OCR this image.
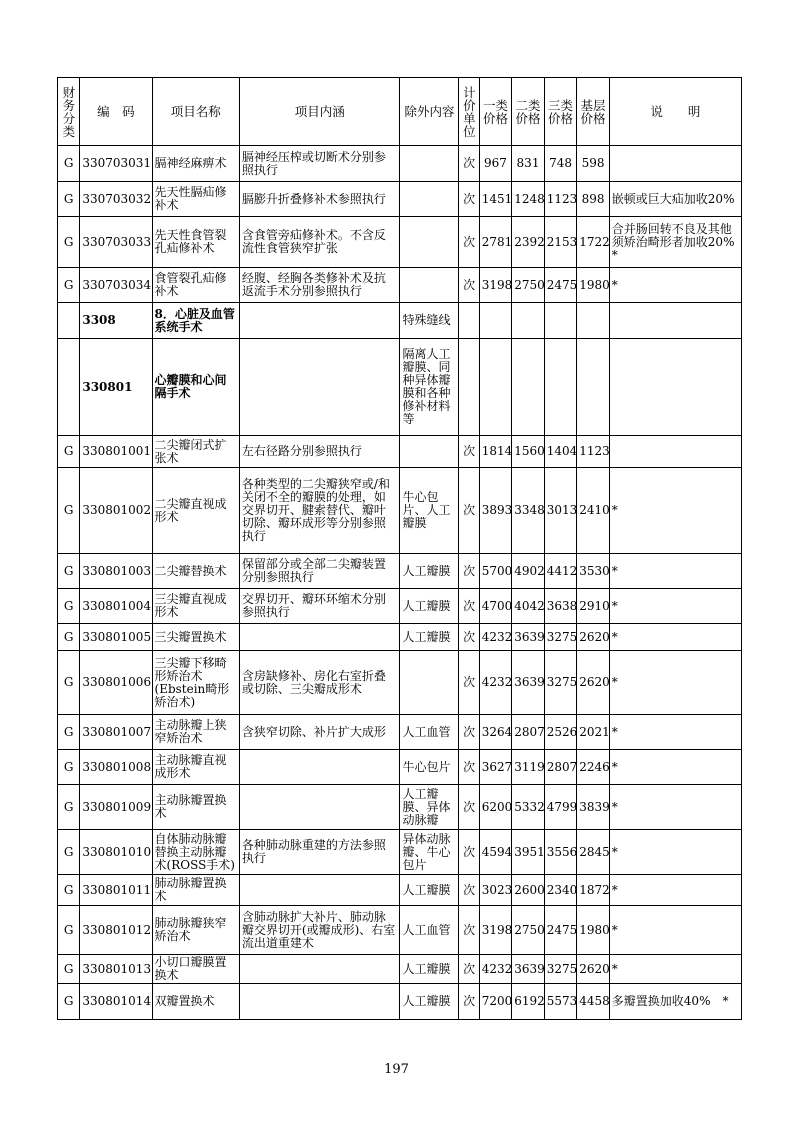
财务分类	编　码	项目名称	项目内涵	除外内容	计价单位	一类价格	二类价格	三类价格	基层价格	说　　明
G	330703031	膈神经麻痹术	膈神经压榨或切断术分别参照执行		次	967	831	748	598	
G	330703032	先天性膈疝修补术	膈膨升折叠修补术参照执行		次	1451	1248	1123	898	嵌顿或巨大疝加收20%
G	330703033	先天性食管裂孔疝修补术	含食管旁疝修补术。不含反流性食管狭窄扩张		次	2781	2392	2153	1722	合并肠回转不良及其他须矫治畸形者加收20%　　　*
G	330703034	食管裂孔疝修补术	经腹、经胸各类修补术及抗返流手术分别参照执行		次	3198	2750	2475	1980	*
	3308	8．心脏及血管系统手术		特殊缝线						
	330801	心瓣膜和心间隔手术		隔离人工瓣膜、同种异体瓣膜和各种修补材料等						
G	330801001	二尖瓣闭式扩张术	左右径路分别参照执行		次	1814	1560	1404	1123	
G	330801002	二尖瓣直视成形术	各种类型的二尖瓣狭窄或/和关闭不全的瓣膜的处理，如交界切开、腱索替代、瓣叶切除、瓣环成形等分别参照执行	牛心包片、人工瓣膜	次	3893	3348	3013	2410	*
G	330801003	二尖瓣替换术	保留部分或全部二尖瓣装置分别参照执行	人工瓣膜	次	5700	4902	4412	3530	*
G	330801004	三尖瓣直视成形术	交界切开、瓣环环缩术分别参照执行	人工瓣膜	次	4700	4042	3638	2910	*
G	330801005	三尖瓣置换术		人工瓣膜	次	4232	3639	3275	2620	*
G	330801006	三尖瓣下移畸形矫治术(Ebstein畸形矫治术)	含房缺修补、房化右室折叠或切除、三尖瓣成形术		次	4232	3639	3275	2620	*
G	330801007	主动脉瓣上狭窄矫治术	含狭窄切除、补片扩大成形	人工血管	次	3264	2807	2526	2021	*
G	330801008	主动脉瓣直视成形术		牛心包片	次	3627	3119	2807	2246	*
G	330801009	主动脉瓣置换术		人工瓣膜、异体动脉瓣	次	6200	5332	4799	3839	*
G	330801010	自体肺动脉瓣替换主动脉瓣术(ROSS手术)	各种肺动脉重建的方法参照执行	异体动脉瓣、牛心包片	次	4594	3951	3556	2845	*
G	330801011	肺动脉瓣置换术		人工瓣膜	次	3023	2600	2340	1872	*
G	330801012	肺动脉瓣狭窄矫治术	含肺动脉扩大补片、肺动脉瓣交界切开(或瓣成形)、右室流出道重建术	人工血管	次	3198	2750	2475	1980	*
G	330801013	小切口瓣膜置换术		人工瓣膜	次	4232	3639	3275	2620	*
G	330801014	双瓣置换术		人工瓣膜	次	7200	6192	5573	4458	多瓣置换加收40%　*
197
